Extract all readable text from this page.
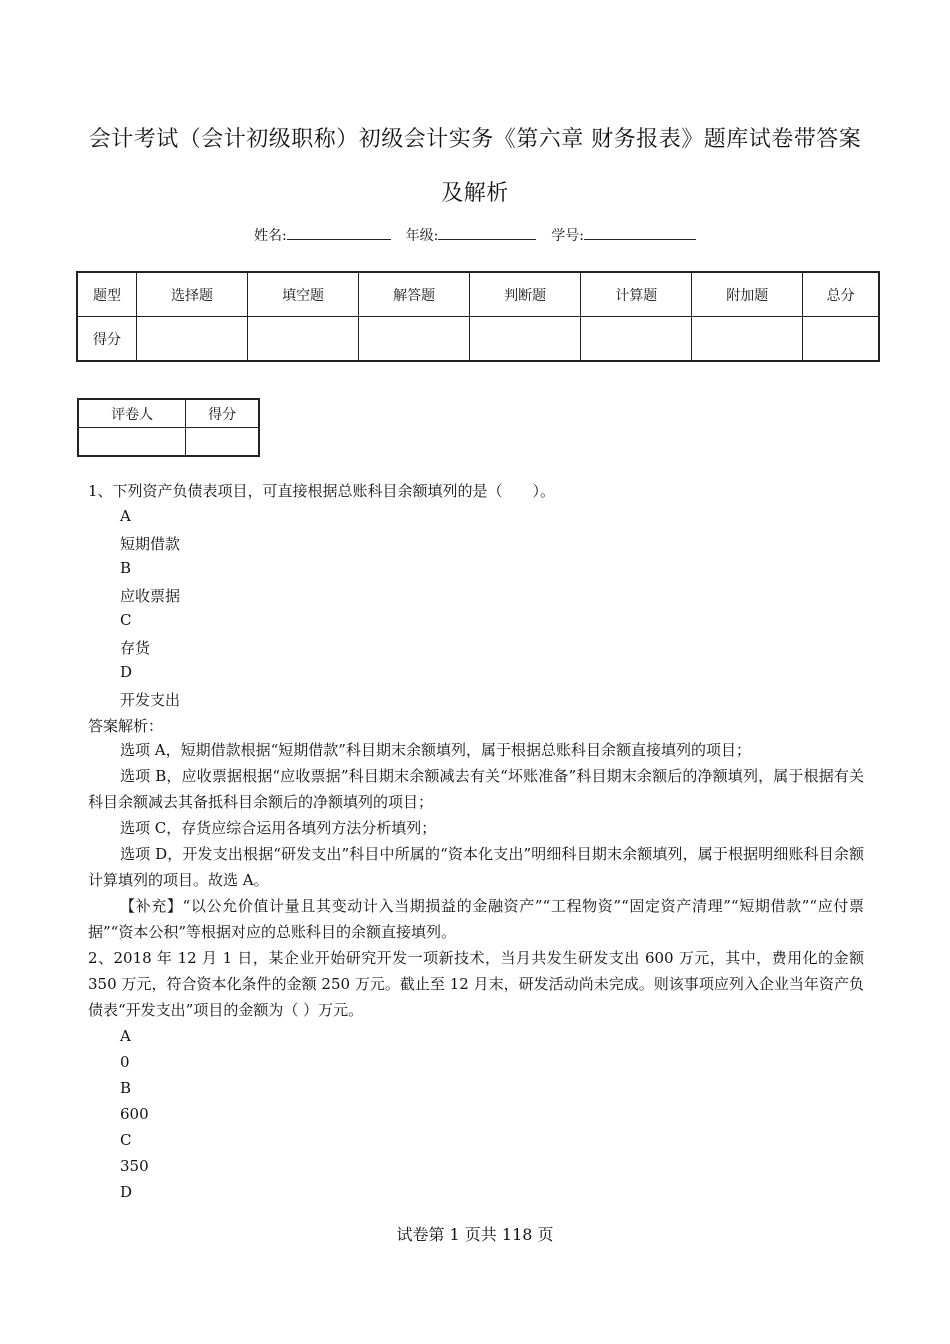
会计考试（会计初级职称）初级会计实务《第六章 财务报表》题库试卷带答案
及解析
姓名:	年级:	学号:
题型	选择题	填空题	解答题	判断题	计算题	附加题	总分
得分							
评卷人	得分

1、下列资产负债表项目，可直接根据总账科目余额填列的是（　　）。
A
短期借款
B
应收票据
C
存货
D
开发支出
答案解析：
选项 A，短期借款根据“短期借款”科目期末余额填列，属于根据总账科目余额直接填列的项目；
选项 B，应收票据根据“应收票据”科目期末余额减去有关“坏账准备”科目期末余额后的净额填列，属于根据有关科目余额减去其备抵科目余额后的净额填列的项目；
选项 C，存货应综合运用各填列方法分析填列；
选项 D，开发支出根据“研发支出”科目中所属的“资本化支出”明细科目期末余额填列，属于根据明细账科目余额计算填列的项目。故选 A。
【补充】“以公允价值计量且其变动计入当期损益的金融资产”“工程物资”“固定资产清理”“短期借款”“应付票据”“资本公积”等根据对应的总账科目的余额直接填列。
2、2018 年 12 月 1 日，某企业开始研究开发一项新技术，当月共发生研发支出 600 万元，其中，费用化的金额 350 万元，符合资本化条件的金额 250 万元。截止至 12 月末，研发活动尚未完成。则该事项应列入企业当年资产负债表“开发支出”项目的金额为（ ）万元。
A
0
B
600
C
350
D
试卷第 1 页共 118 页
